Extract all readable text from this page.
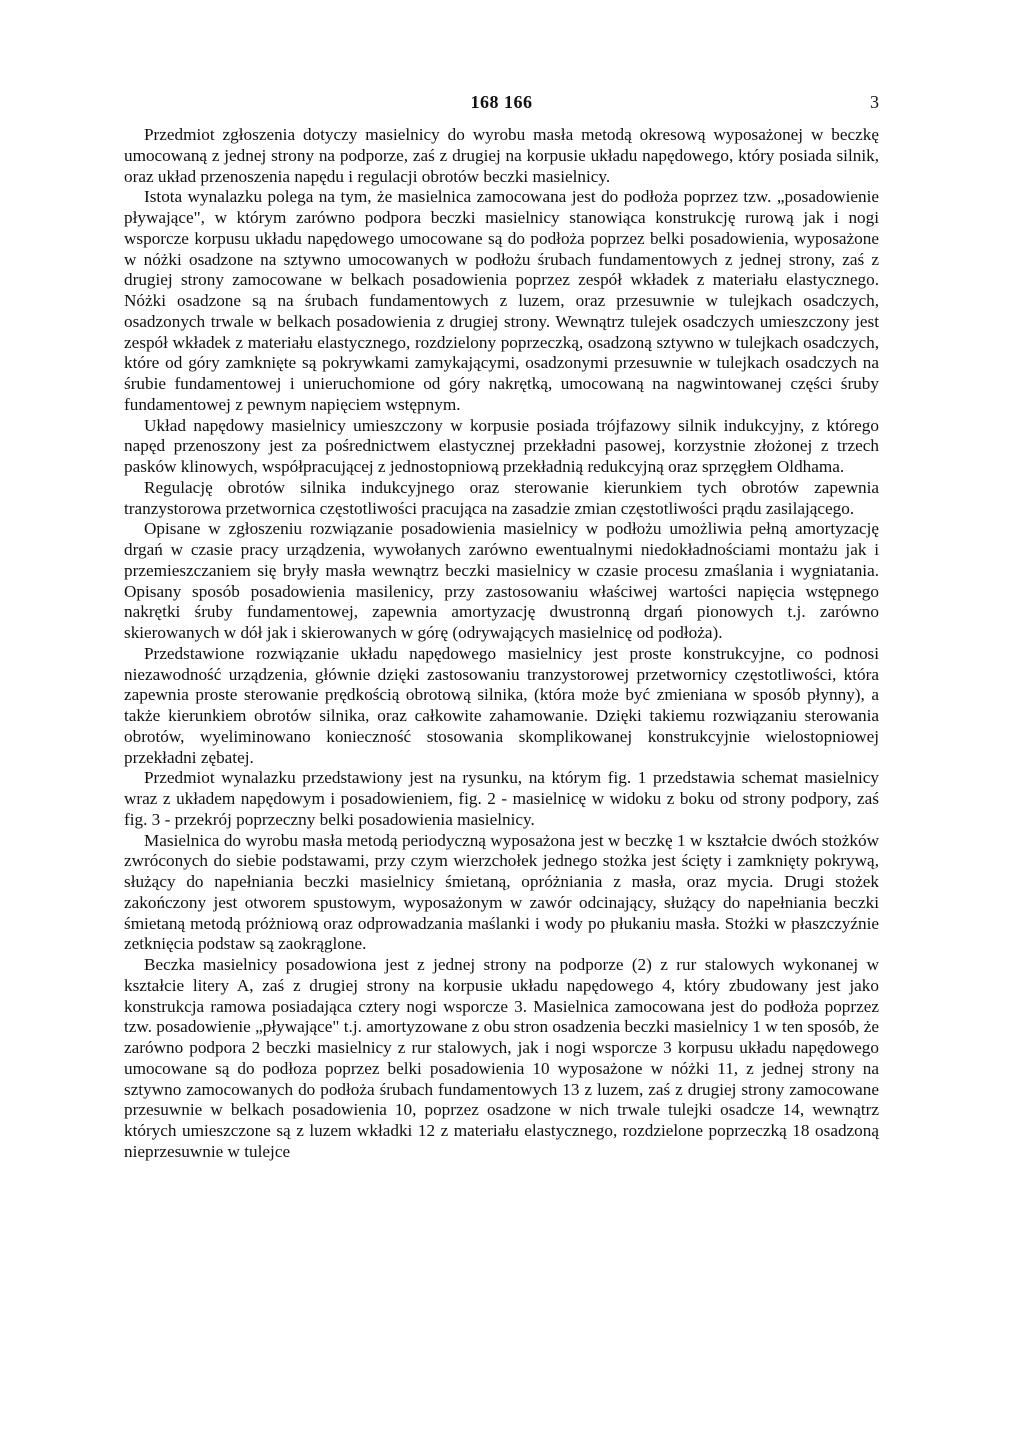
168 166	3

Przedmiot zgłoszenia dotyczy masielnicy do wyrobu masła metodą okresową wyposażonej w beczkę umocowaną z jednej strony na podporze, zaś z drugiej na korpusie układu napędowego, który posiada silnik, oraz układ przenoszenia napędu i regulacji obrotów beczki masielnicy.

Istota wynalazku polega na tym, że masielnica zamocowana jest do podłoża poprzez tzw. „posadowienie pływające", w którym zarówno podpora beczki masielnicy stanowiąca konstrukcję rurową jak i nogi wsporcze korpusu układu napędowego umocowane są do podłoża poprzez belki posadowienia, wyposażone w nóżki osadzone na sztywno umocowanych w podłożu śrubach fundamentowych z jednej strony, zaś z drugiej strony zamocowane w belkach posadowienia poprzez zespół wkładek z materiału elastycznego. Nóżki osadzone są na śrubach fundamentowych z luzem, oraz przesuwnie w tulejkach osadczych, osadzonych trwale w belkach posadowienia z drugiej strony. Wewnątrz tulejek osadczych umieszczony jest zespół wkładek z materiału elastycznego, rozdzielony poprzeczką, osadzoną sztywno w tulejkach osadczych, które od góry zamknięte są pokrywkami zamykającymi, osadzonymi przesuwnie w tulejkach osadczych na śrubie fundamentowej i unieruchomione od góry nakrętką, umocowaną na nagwintowanej części śruby fundamentowej z pewnym napięciem wstępnym.

Układ napędowy masielnicy umieszczony w korpusie posiada trójfazowy silnik indukcyjny, z którego napęd przenoszony jest za pośrednictwem elastycznej przekładni pasowej, korzystnie złożonej z trzech pasków klinowych, współpracującej z jednostopniową przekładnią redukcyjną oraz sprzęgłem Oldhama.

Regulację obrotów silnika indukcyjnego oraz sterowanie kierunkiem tych obrotów zapewnia tranzystorowa przetwornica częstotliwości pracująca na zasadzie zmian częstotliwości prądu zasilającego.

Opisane w zgłoszeniu rozwiązanie posadowienia masielnicy w podłożu umożliwia pełną amortyzację drgań w czasie pracy urządzenia, wywołanych zarówno ewentualnymi niedokładnościami montażu jak i przemieszczaniem się bryły masła wewnątrz beczki masielnicy w czasie procesu zmaślania i wygniatania. Opisany sposób posadowienia masilenicy, przy zastosowaniu właściwej wartości napięcia wstępnego nakrętki śruby fundamentowej, zapewnia amortyzację dwustronną drgań pionowych t.j. zarówno skierowanych w dół jak i skierowanych w górę (odrywających masielnicę od podłoża).

Przedstawione rozwiązanie układu napędowego masielnicy jest proste konstrukcyjne, co podnosi niezawodność urządzenia, głównie dzięki zastosowaniu tranzystorowej przetwornicy częstotliwości, która zapewnia proste sterowanie prędkością obrotową silnika, (która może być zmieniana w sposób płynny), a także kierunkiem obrotów silnika, oraz całkowite zahamowanie. Dzięki takiemu rozwiązaniu sterowania obrotów, wyeliminowano konieczność stosowania skomplikowanej konstrukcyjnie wielostopniowej przekładni zębatej.

Przedmiot wynalazku przedstawiony jest na rysunku, na którym fig. 1 przedstawia schemat masielnicy wraz z układem napędowym i posadowieniem, fig. 2 - masielnicę w widoku z boku od strony podpory, zaś fig. 3 - przekrój poprzeczny belki posadowienia masielnicy.

Masielnica do wyrobu masła metodą periodyczną wyposażona jest w beczkę 1 w kształcie dwóch stożków zwróconych do siebie podstawami, przy czym wierzchołek jednego stożka jest ścięty i zamknięty pokrywą, służący do napełniania beczki masielnicy śmietaną, opróżniania z masła, oraz mycia. Drugi stożek zakończony jest otworem spustowym, wyposażonym w zawór odcinający, służący do napełniania beczki śmietaną metodą próżniową oraz odprowadzania maślanki i wody po płukaniu masła. Stożki w płaszczyźnie zetknięcia podstaw są zaokrąglone.

Beczka masielnicy posadowiona jest z jednej strony na podporze (2) z rur stalowych wykonanej w kształcie litery A, zaś z drugiej strony na korpusie układu napędowego 4, który zbudowany jest jako konstrukcja ramowa posiadająca cztery nogi wsporcze 3. Masielnica zamocowana jest do podłoża poprzez tzw. posadowienie „pływające" t.j. amortyzowane z obu stron osadzenia beczki masielnicy 1 w ten sposób, że zarówno podpora 2 beczki masielnicy z rur stalowych, jak i nogi wsporcze 3 korpusu układu napędowego umocowane są do podłoza poprzez belki posadowienia 10 wyposażone w nóżki 11, z jednej strony na sztywno zamocowanych do podłoża śrubach fundamentowych 13 z luzem, zaś z drugiej strony zamocowane przesuwnie w belkach posadowienia 10, poprzez osadzone w nich trwale tulejki osadcze 14, wewnątrz których umieszczone są z luzem wkładki 12 z materiału elastycznego, rozdzielone poprzeczką 18 osadzoną nieprzesuwnie w tulejce
